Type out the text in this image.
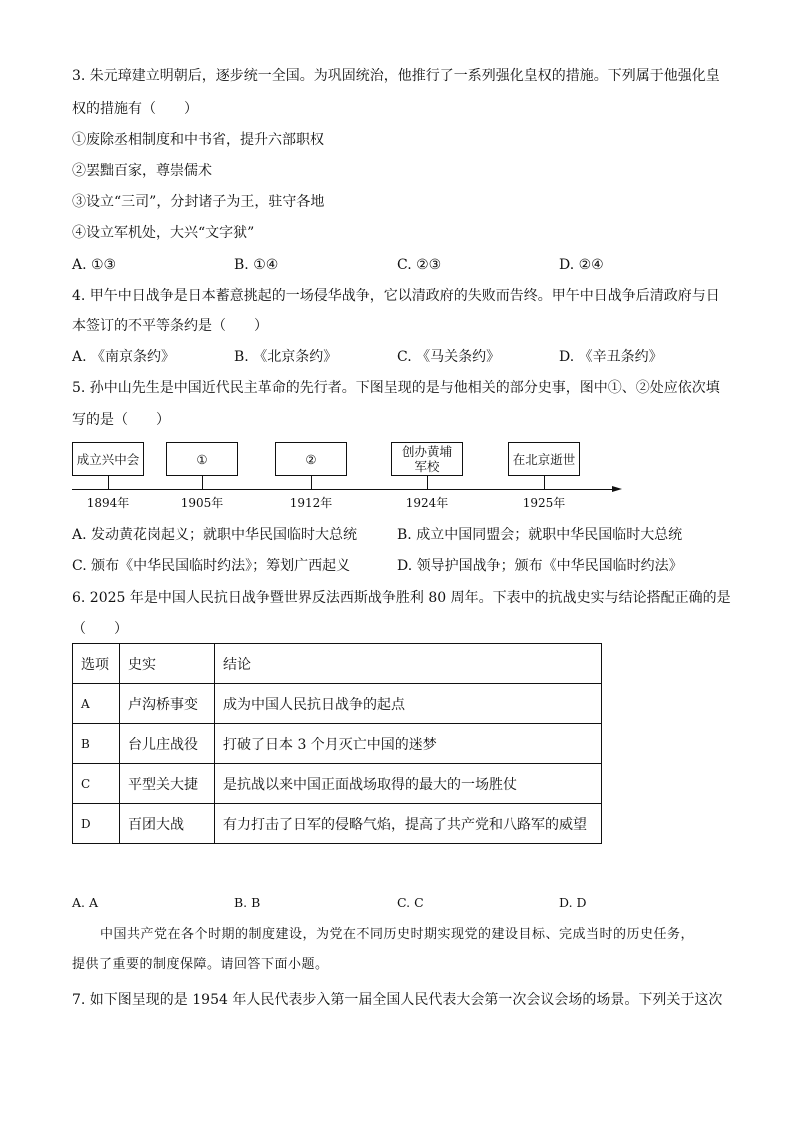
3. 朱元璋建立明朝后，逐步统一全国。为巩固统治，他推行了一系列强化皇权的措施。下列属于他强化皇
权的措施有（　　）
①废除丞相制度和中书省，提升六部职权
②罢黜百家，尊崇儒术
③设立“三司”，分封诸子为王，驻守各地
④设立军机处，大兴“文字狱”
A. ①③	B. ①④	C. ②③	D. ②④
4. 甲午中日战争是日本蓄意挑起的一场侵华战争，它以清政府的失败而告终。甲午中日战争后清政府与日
本签订的不平等条约是（　　）
A. 《南京条约》	B. 《北京条约》	C. 《马关条约》	D. 《辛丑条约》
5. 孙中山先生是中国近代民主革命的先行者。下图呈现的是与他相关的部分史事，图中①、②处应依次填
写的是（　　）
成立兴中会	①	②	创办黄埔
军校	在北京逝世
1894年	1905年	1912年	1924年	1925年
A. 发动黄花岗起义；就职中华民国临时大总统	B. 成立中国同盟会；就职中华民国临时大总统
C. 颁布《中华民国临时约法》；筹划广西起义	D. 领导护国战争；颁布《中华民国临时约法》
6. 2025 年是中国人民抗日战争暨世界反法西斯战争胜利 80 周年。下表中的抗战史实与结论搭配正确的是
（　　）
选项	史实	结论
A	卢沟桥事变	成为中国人民抗日战争的起点
B	台儿庄战役	打破了日本 3 个月灭亡中国的迷梦
C	平型关大捷	是抗战以来中国正面战场取得的最大的一场胜仗
D	百团大战	有力打击了日军的侵略气焰，提高了共产党和八路军的威望
A. A	B. B	C. C	D. D
中国共产党在各个时期的制度建设，为党在不同历史时期实现党的建设目标、完成当时的历史任务，
提供了重要的制度保障。请回答下面小题。
7. 如下图呈现的是 1954 年人民代表步入第一届全国人民代表大会第一次会议会场的场景。下列关于这次
